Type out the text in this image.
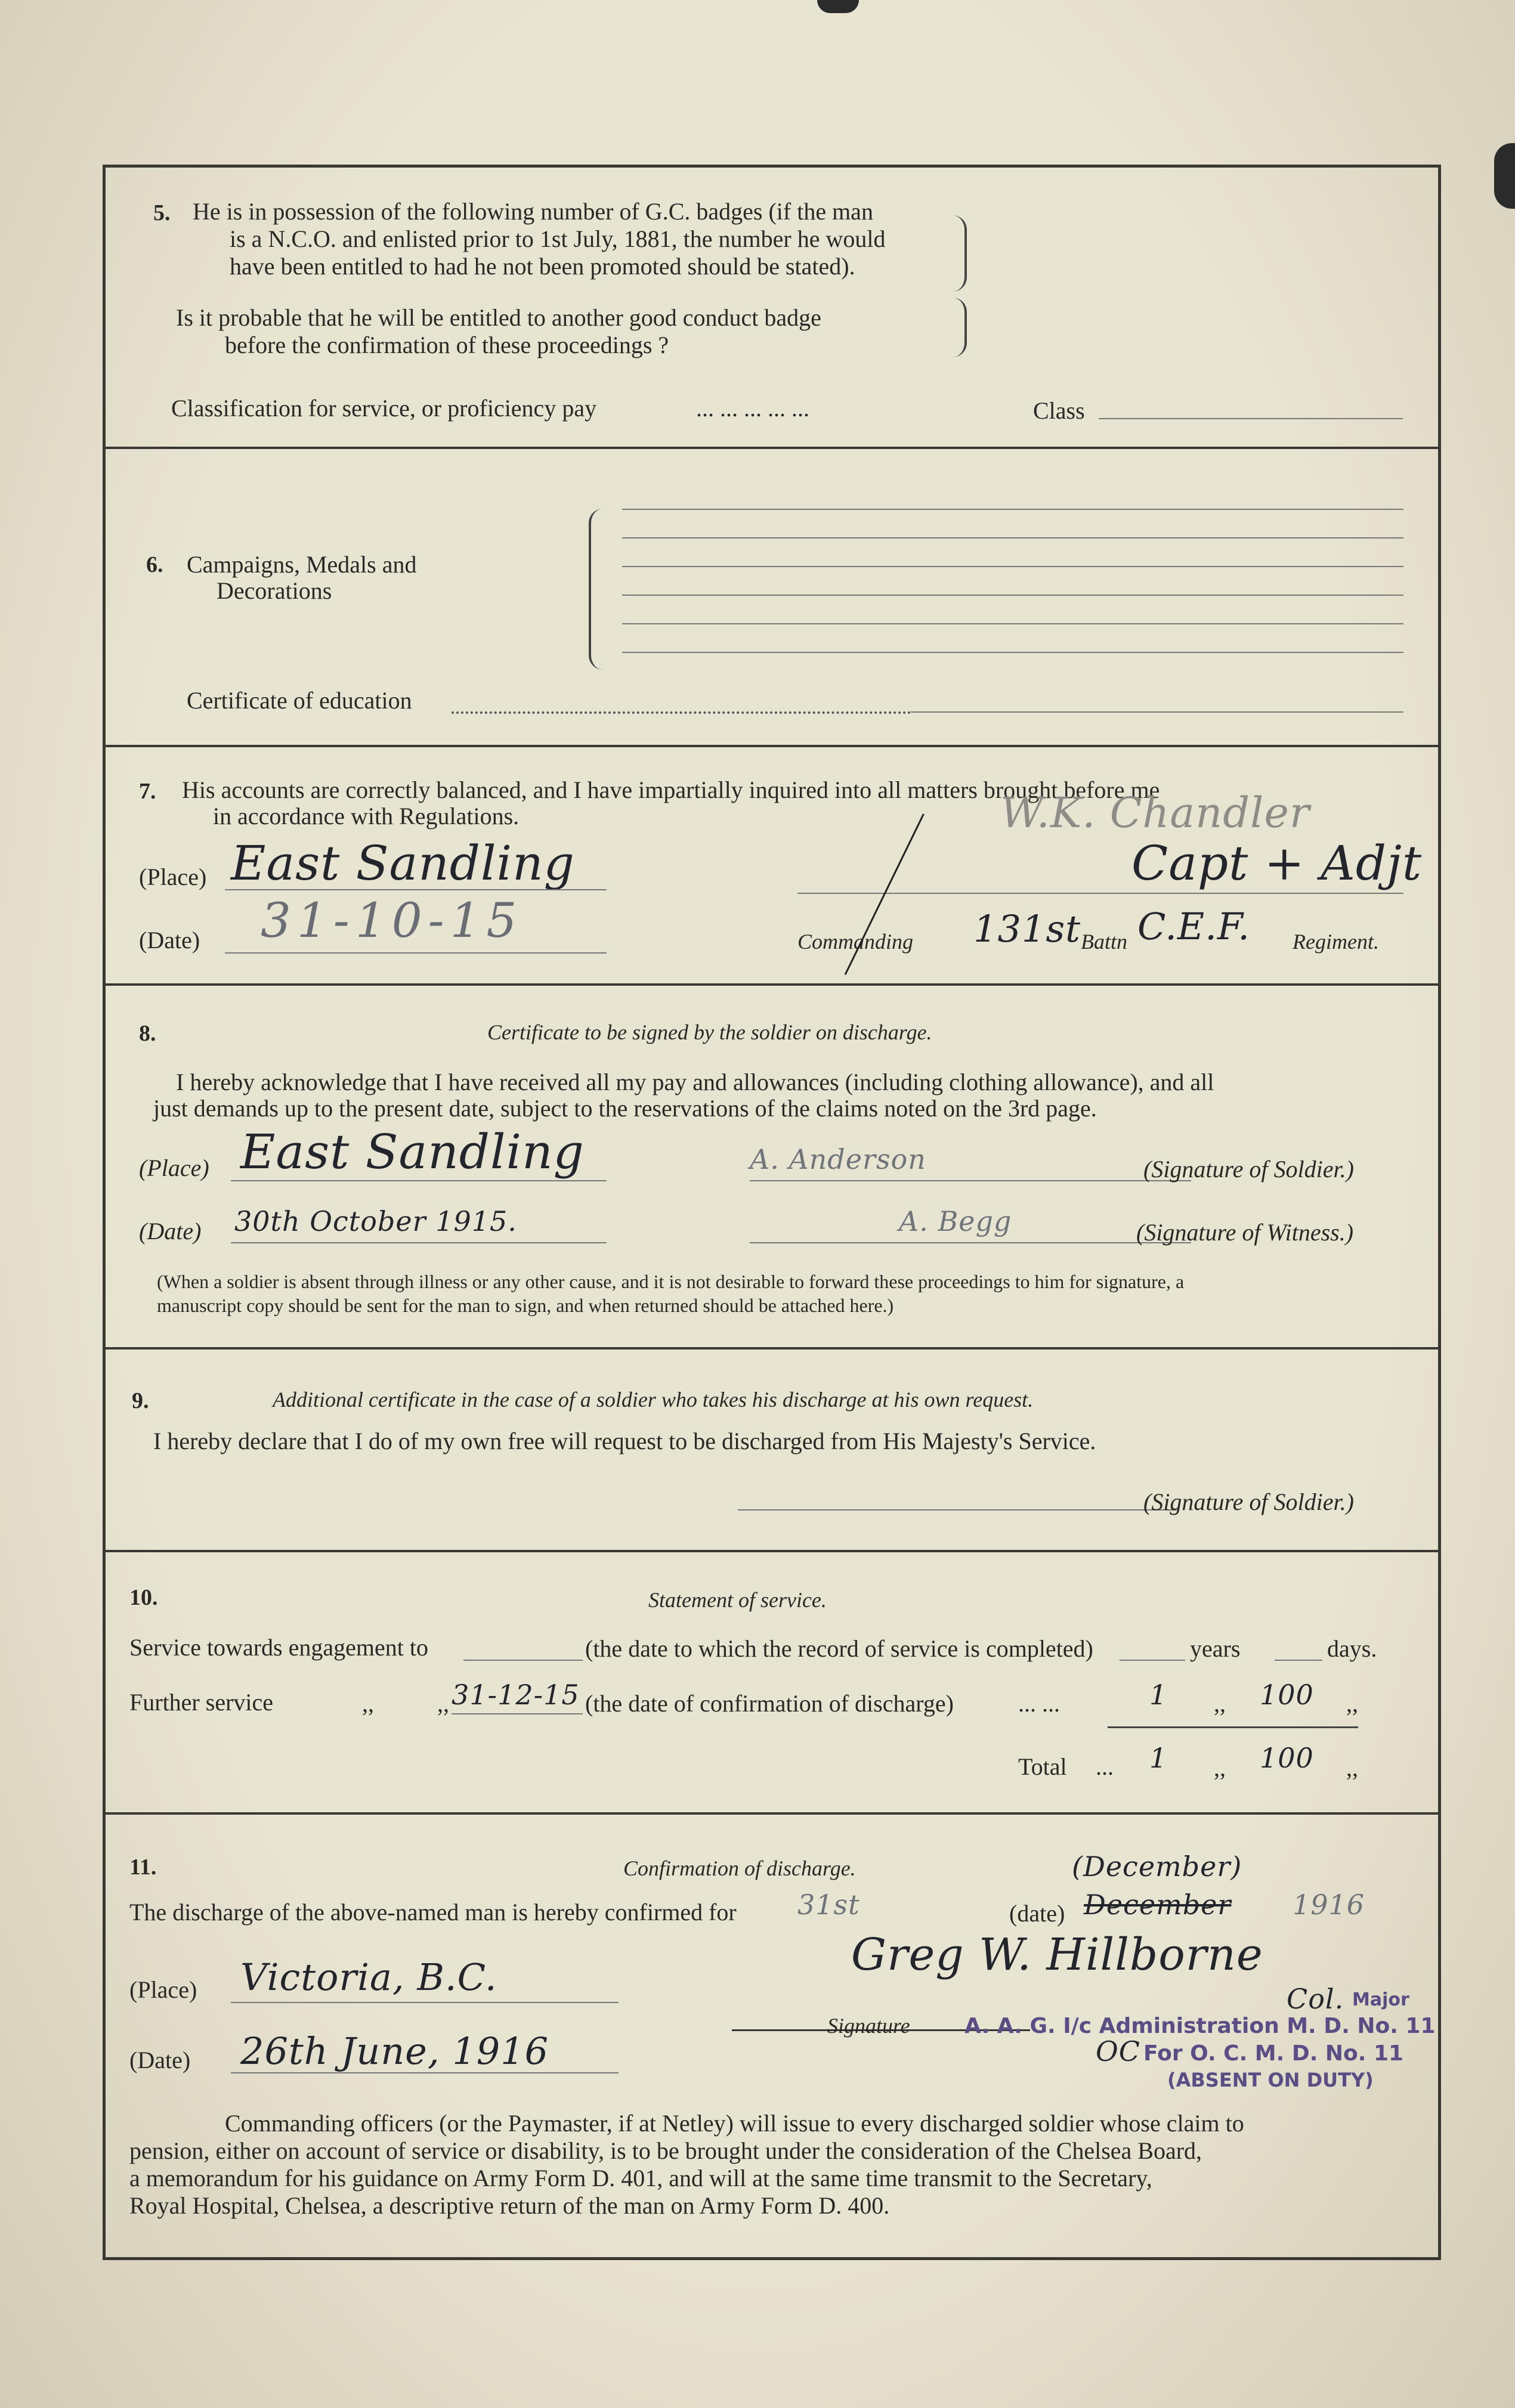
5. He is in possession of the following number of G.C. badges (if the man
is a N.C.O. and enlisted prior to 1st July, 1881, the number he would
have been entitled to had he not been promoted should be stated).
Is it probable that he will be entitled to another good conduct badge
before the confirmation of these proceedings ?
Classification for service, or proficiency pay	... ... ... ... ...	Class
6. Campaigns, Medals and
Decorations
Certificate of education
7. His accounts are correctly balanced, and I have impartially inquired into all matters brought before me
in accordance with Regulations.	W.K. Chandler
(Place) East Sandling	Capt + Adjt
(Date) 31-10-15	Commanding 131st Battn C.E.F. Regiment.
8.	Certificate to be signed by the soldier on discharge.
I hereby acknowledge that I have received all my pay and allowances (including clothing allowance), and all
just demands up to the present date, subject to the reservations of the claims noted on the 3rd page.
(Place) East Sandling	A. Anderson	(Signature of Soldier.)
(Date) 30th October 1915.	A. Begg	(Signature of Witness.)
(When a soldier is absent through illness or any other cause, and it is not desirable to forward these proceedings to him for signature, a
manuscript copy should be sent for the man to sign, and when returned should be attached here.)
9.	Additional certificate in the case of a soldier who takes his discharge at his own request.
I hereby declare that I do of my own free will request to be discharged from His Majesty's Service.
(Signature of Soldier.)
10.	Statement of service.
Service towards engagement to	(the date to which the record of service is completed)	years	days.
Further service	,,	,, 31-12-15 (the date of confirmation of discharge)	... ...	1 ,, 100 ,,
Total ... 1 ,, 100 ,,
11.	Confirmation of discharge.	(December)
The discharge of the above-named man is hereby confirmed for 31st	(date) December 1916
(Place) Victoria, B.C.	Greg W. Hillborne
Signature
Major
Col.
A. A. G. I/c Administration M. D. No. 11
OC For O. C. M. D. No. 11
(ABSENT ON DUTY)
(Date) 26th June, 1916
Commanding officers (or the Paymaster, if at Netley) will issue to every discharged soldier whose claim to
pension, either on account of service or disability, is to be brought under the consideration of the Chelsea Board,
a memorandum for his guidance on Army Form D. 401, and will at the same time transmit to the Secretary,
Royal Hospital, Chelsea, a descriptive return of the man on Army Form D. 400.
